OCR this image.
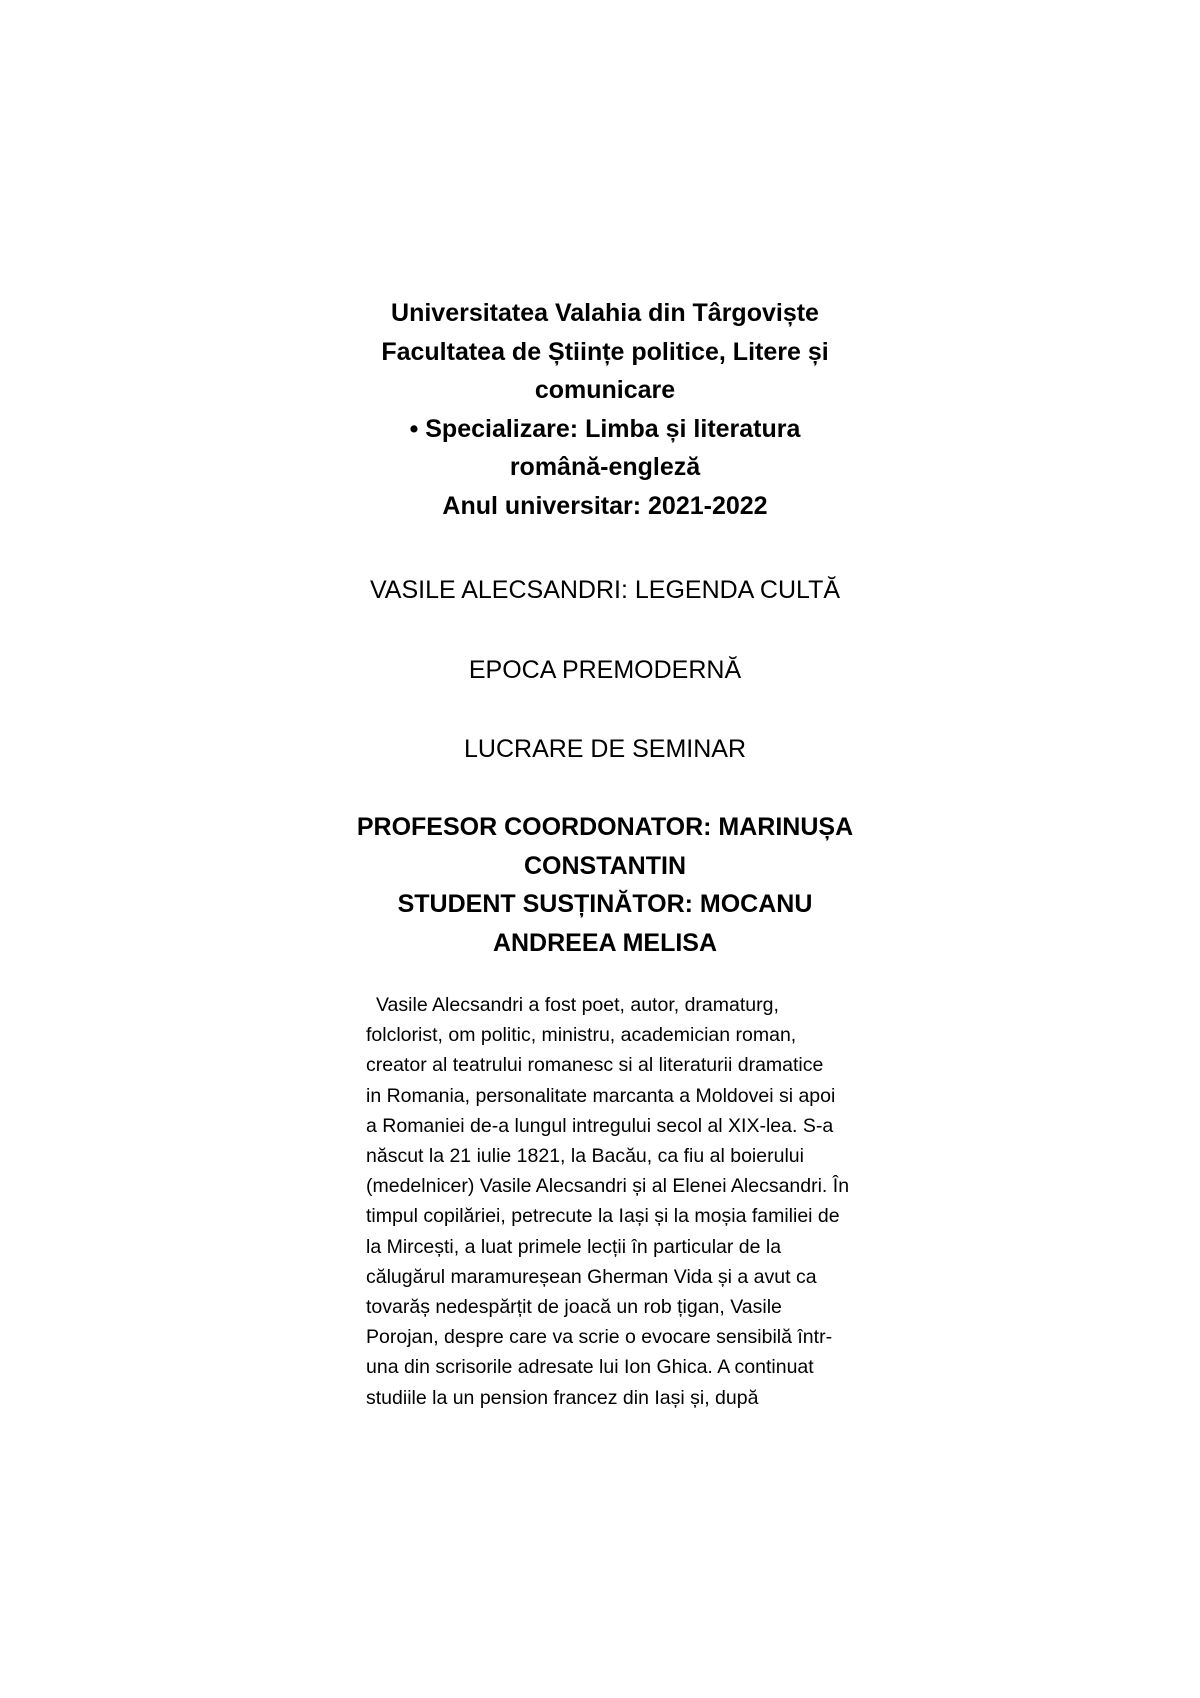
Universitatea Valahia din Târgoviște
Facultatea de Științe politice, Litere și
comunicare
• Specializare: Limba și literatura
română-engleză
Anul universitar: 2021-2022
VASILE ALECSANDRI: LEGENDA CULTĂ
EPOCA PREMODERNĂ
LUCRARE DE SEMINAR
PROFESOR COORDONATOR: MARINUȘA
CONSTANTIN
STUDENT SUSȚINĂTOR: MOCANU
ANDREEA MELISA
Vasile Alecsandri a fost poet, autor, dramaturg,
folclorist, om politic, ministru, academician roman,
creator al teatrului romanesc si al literaturii dramatice
in Romania, personalitate marcanta a Moldovei si apoi
a Romaniei de-a lungul intregului secol al XIX-lea. S-a
născut la 21 iulie 1821, la Bacău, ca fiu al boierului
(medelnicer) Vasile Alecsandri și al Elenei Alecsandri. În
timpul copilăriei, petrecute la Iași și la moșia familiei de
la Mircești, a luat primele lecții în particular de la
călugărul maramureșean Gherman Vida și a avut ca
tovarăș nedespărțit de joacă un rob țigan, Vasile
Porojan, despre care va scrie o evocare sensibilă într-
una din scrisorile adresate lui Ion Ghica. A continuat
studiile la un pension francez din Iași și, după
